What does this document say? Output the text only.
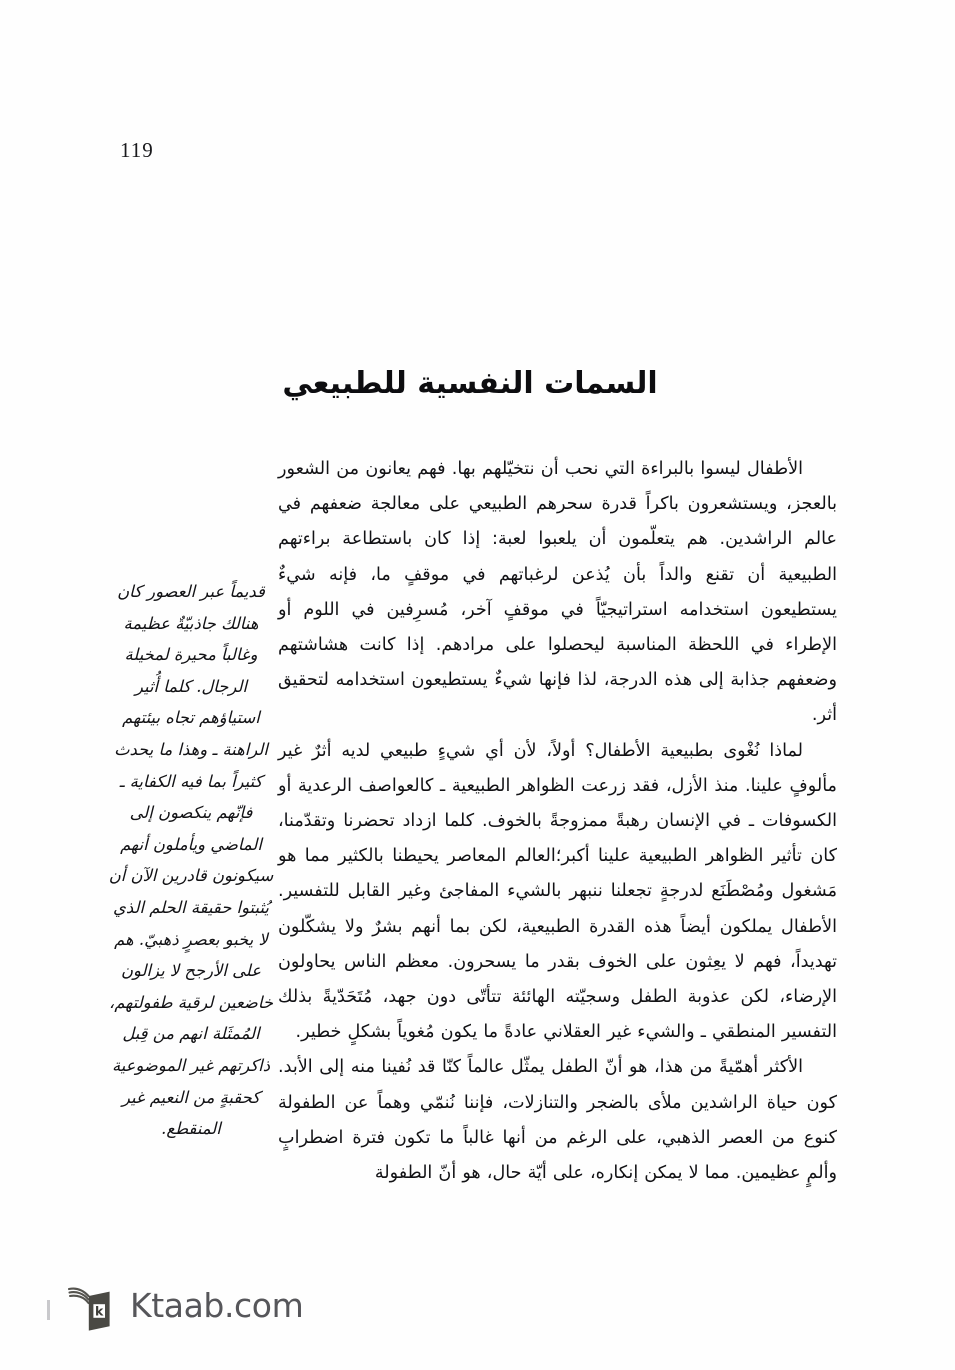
119
السمات النفسية للطبيعي

الأطفال ليسوا بالبراءة التي نحب أن نتخيّلهم بها. فهم يعانون من الشعور بالعجز، ويستشعرون باكراً قدرة سحرهم الطبيعي على معالجة ضعفهم في عالم الراشدين. هم يتعلّمون أن يلعبوا لعبة: إذا كان باستطاعة براءتهم الطبيعية أن تقنع والداً بأن يُذعن لرغباتهم في موقفٍ ما، فإنه شيءٌ يستطيعون استخدامه استراتيجيّاً في موقفٍ آخر، مُسرِفين في اللوم أو الإطراء في اللحظة المناسبة ليحصلوا على مرادهم. إذا كانت هشاشتهم وضعفهم جذابة إلى هذه الدرجة، لذا فإنها شيءٌ يستطيعون استخدامه لتحقيق أثر.

لماذا نُغْوى بطبيعية الأطفال؟ أولاً، لأن أي شيءٍ طبيعي لديه أثرٌ غير مألوفٍ علينا. منذ الأزل، فقد زرعت الظواهر الطبيعية ـ كالعواصف الرعدية أو الكسوفات ـ في الإنسان رهبةً ممزوجةً بالخوف. كلما ازداد تحضرنا وتقدّمنا، كان تأثير الظواهر الطبيعية علينا أكبر؛العالم المعاصر يحيطنا بالكثير مما هو مَشغول ومُصْطَنَع لدرجةٍ تجعلنا ننبهر بالشيء المفاجئ وغير القابل للتفسير. الأطفال يملكون أيضاً هذه القدرة الطبيعية، لكن بما أنهم بشرٌ ولا يشكّلون تهديداً، فهم لا يعِثون على الخوف بقدر ما يسحرون. معظم الناس يحاولون الإرضاء، لكن عذوبة الطفل وسجيّته الهائئة تتأتّى دون جهد، مُتَحَدّيةً بذلك التفسير المنطقي ـ والشيء غير العقلاني عادةً ما يكون مُغوياً بشكلٍ خطير.

الأكثر أهمّيةً من هذا، هو أنّ الطفل يمثّل عالماً كنّا قد نُفينا منه إلى الأبد. كون حياة الراشدين ملأى بالضجر والتنازلات، فإننا نُنمّي وهماً عن الطفولة كنوع من العصر الذهبي، على الرغم من أنها غالباً ما تكون فترة اضطرابٍ وألمٍ عظيمين. مما لا يمكن إنكاره، على أيّة حال، هو أنّ الطفولة

قديماً عبر العصور كان هنالك جاذبيّةٌ عظيمة وغالباً محيرة لمخيلة الرجال. كلما أُثير استياؤهم تجاه بيئتهم الراهنة ـ وهذا ما يحدث كثيراً بما فيه الكفاية ـ فإنّهم ينكصون إلى الماضي ويأملون أنهم سيكونون قادرين الآن أن يُثبتوا حقيقة الحلم الذي لا يخبو بعصرٍ ذهبيّ. هم على الأرجح لا يزالون خاضعين لرقية طفولتهم، المُمثَلة انهم من قِبل ذاكرتهم غير الموضوعية كحقبةٍ من النعيم غير المنقطع.
k Ktaab.com
